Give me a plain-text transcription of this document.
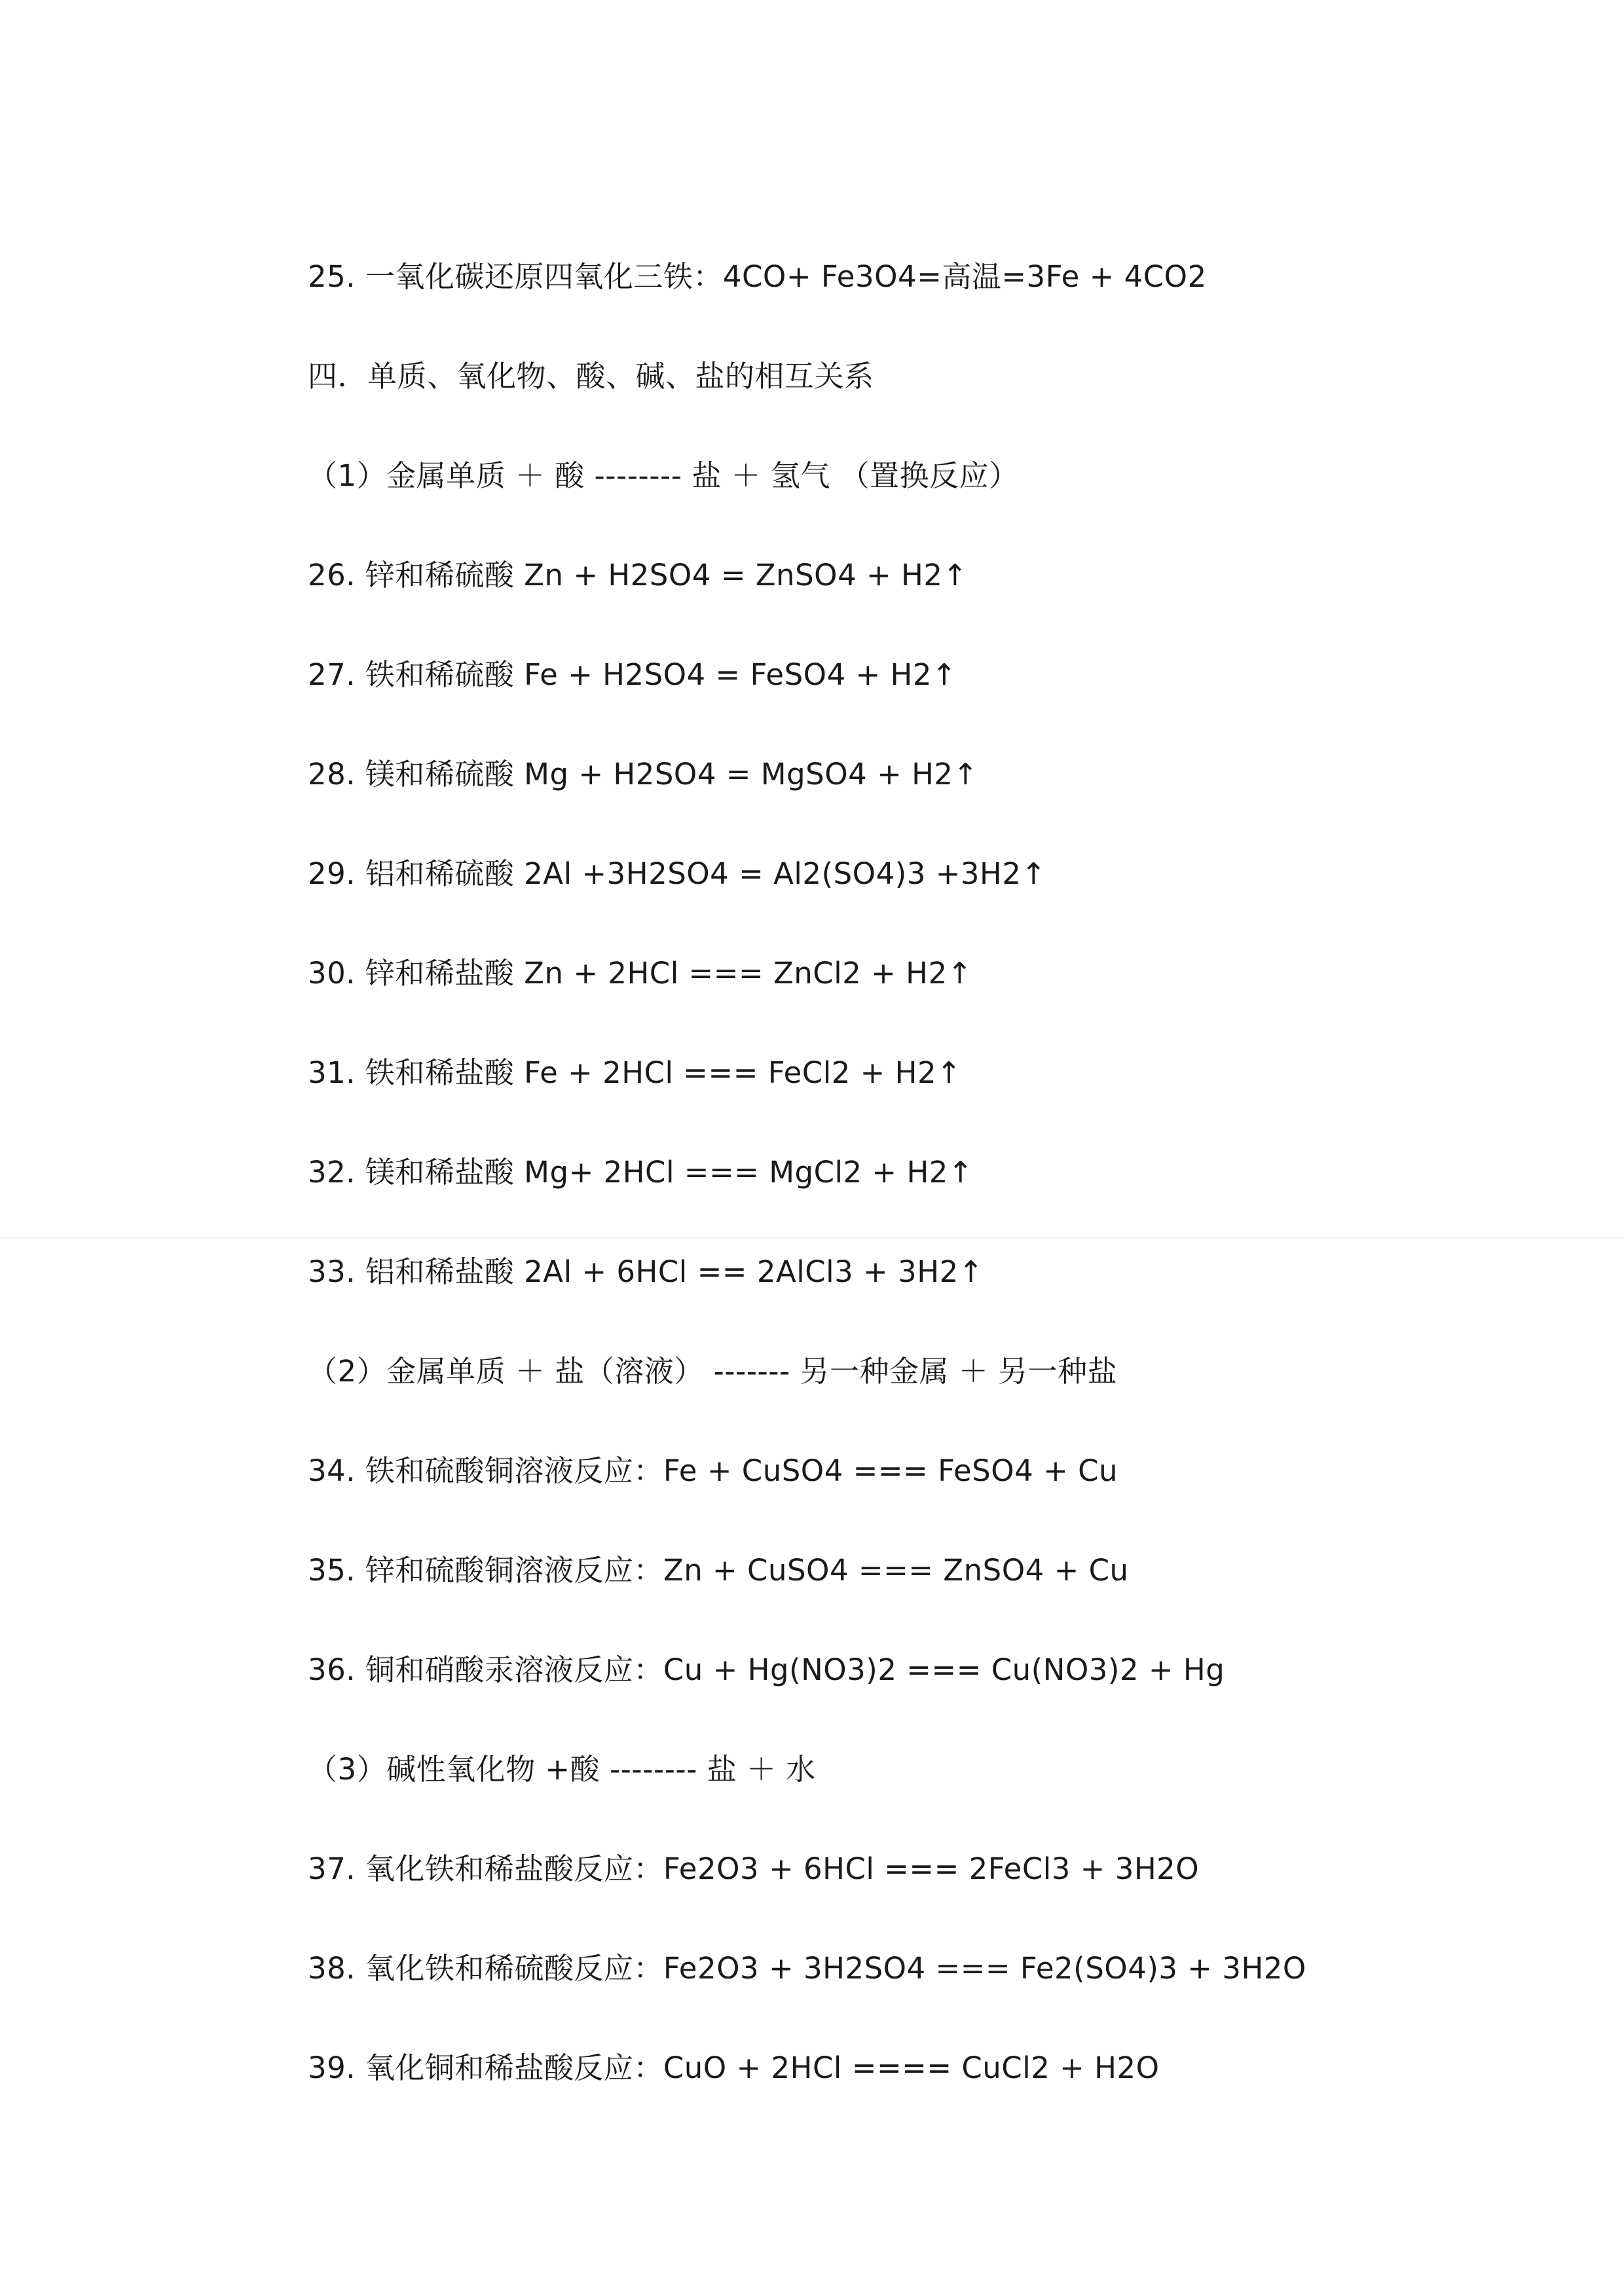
25. 一氧化碳还原四氧化三铁：4CO+ Fe3O4=高温=3Fe + 4CO2
四．单质、氧化物、酸、碱、盐的相互关系
（1）金属单质 ＋ 酸 -------- 盐 ＋ 氢气 （置换反应）
26. 锌和稀硫酸 Zn + H2SO4 = ZnSO4 + H2↑
27. 铁和稀硫酸 Fe + H2SO4 = FeSO4 + H2↑
28. 镁和稀硫酸 Mg + H2SO4 = MgSO4 + H2↑
29. 铝和稀硫酸 2Al +3H2SO4 = Al2(SO4)3 +3H2↑
30. 锌和稀盐酸 Zn + 2HCl === ZnCl2 + H2↑
31. 铁和稀盐酸 Fe + 2HCl === FeCl2 + H2↑
32. 镁和稀盐酸 Mg+ 2HCl === MgCl2 + H2↑
33. 铝和稀盐酸 2Al + 6HCl == 2AlCl3 + 3H2↑
（2）金属单质 ＋ 盐（溶液） ------- 另一种金属 ＋ 另一种盐
34. 铁和硫酸铜溶液反应：Fe + CuSO4 === FeSO4 + Cu
35. 锌和硫酸铜溶液反应：Zn + CuSO4 === ZnSO4 + Cu
36. 铜和硝酸汞溶液反应：Cu + Hg(NO3)2 === Cu(NO3)2 + Hg
（3）碱性氧化物 +酸 -------- 盐 ＋ 水
37. 氧化铁和稀盐酸反应：Fe2O3 + 6HCl === 2FeCl3 + 3H2O
38. 氧化铁和稀硫酸反应：Fe2O3 + 3H2SO4 === Fe2(SO4)3 + 3H2O
39. 氧化铜和稀盐酸反应：CuO + 2HCl ==== CuCl2 + H2O
